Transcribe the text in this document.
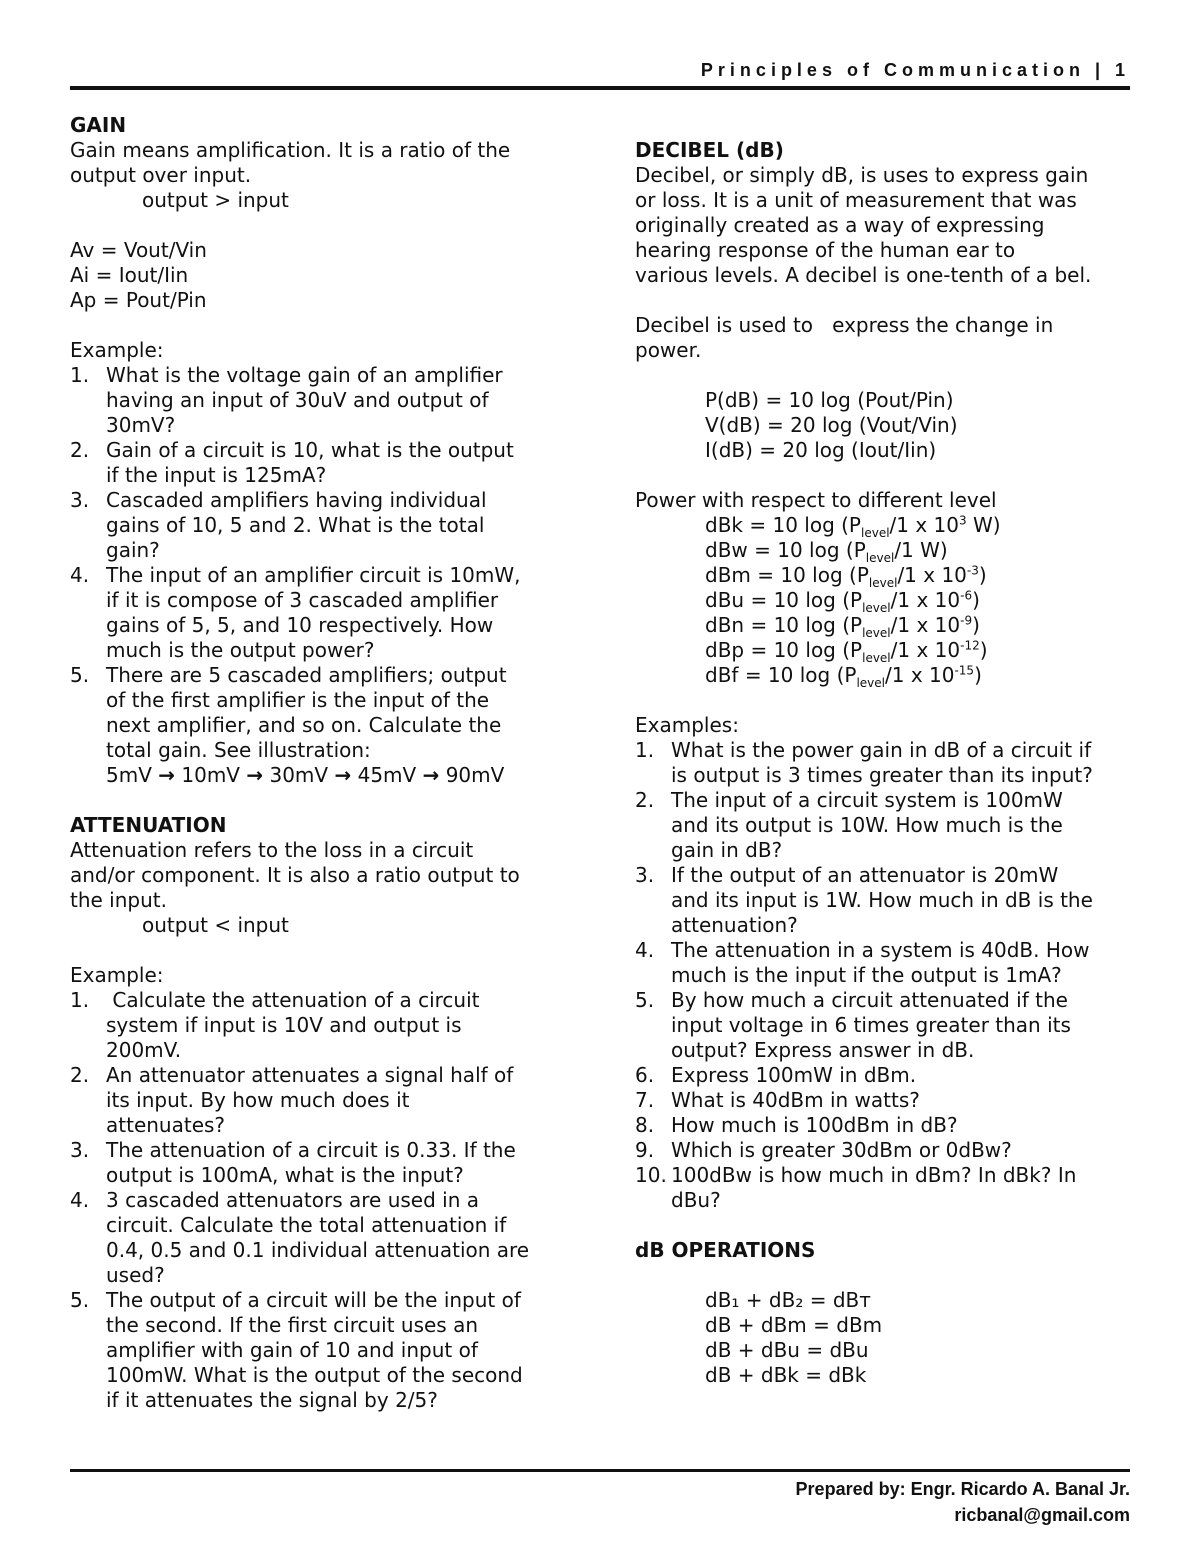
Principles of Communication | 1
GAIN
Gain means amplification. It is a ratio of the
output over input.
output > input
Av = Vout/Vin
Ai = Iout/Iin
Ap = Pout/Pin
Example:
1. What is the voltage gain of an amplifier
having an input of 30uV and output of
30mV?
2. Gain of a circuit is 10, what is the output
if the input is 125mA?
3. Cascaded amplifiers having individual
gains of 10, 5 and 2. What is the total
gain?
4. The input of an amplifier circuit is 10mW,
if it is compose of 3 cascaded amplifier
gains of 5, 5, and 10 respectively. How
much is the output power?
5. There are 5 cascaded amplifiers; output
of the first amplifier is the input of the
next amplifier, and so on. Calculate the
total gain. See illustration:
5mV → 10mV → 30mV → 45mV → 90mV
ATTENUATION
Attenuation refers to the loss in a circuit
and/or component. It is also a ratio output to
the input.
output < input
Example:
1. Calculate the attenuation of a circuit
system if input is 10V and output is
200mV.
2. An attenuator attenuates a signal half of
its input. By how much does it
attenuates?
3. The attenuation of a circuit is 0.33. If the
output is 100mA, what is the input?
4. 3 cascaded attenuators are used in a
circuit. Calculate the total attenuation if
0.4, 0.5 and 0.1 individual attenuation are
used?
5. The output of a circuit will be the input of
the second. If the first circuit uses an
amplifier with gain of 10 and input of
100mW. What is the output of the second
if it attenuates the signal by 2/5?
DECIBEL (dB)
Decibel, or simply dB, is uses to express gain
or loss. It is a unit of measurement that was
originally created as a way of expressing
hearing response of the human ear to
various levels. A decibel is one-tenth of a bel.
Decibel is used to   express the change in
power.
P(dB) = 10 log (Pout/Pin)
V(dB) = 20 log (Vout/Vin)
I(dB) = 20 log (Iout/Iin)
Power with respect to different level
dBk = 10 $\log (P_{level}/1$ x $10^3$ W)
dBw = 10 $\log (P_{level}/1$ W)
dBm = 10 $\log (P_{level}/1$ x $10^{-3}$)
dBu = 10 $\log (P_{level}/1$ x $10^{-6}$)
dBn = 10 $\log (P_{level}/1$ x $10^{-9}$)
dBp = 10 $\log (P_{level}/1$ x $10^{-12}$)
dBf = 10 $\log (P_{level}/1$ x $10^{-15}$)
Examples:
1. What is the power gain in dB of a circuit if
is output is 3 times greater than its input?
2. The input of a circuit system is 100mW
and its output is 10W. How much is the
gain in dB?
3. If the output of an attenuator is 20mW
and its input is 1W. How much in dB is the
attenuation?
4. The attenuation in a system is 40dB. How
much is the input if the output is 1mA?
5. By how much a circuit attenuated if the
input voltage in 6 times greater than its
output? Express answer in dB.
6. Express 100mW in dBm.
7. What is 40dBm in watts?
8. How much is 100dBm in dB?
9. Which is greater 30dBm or 0dBw?
10. 100dBw is how much in dBm? In dBk? In
dBu?
dB OPERATIONS
dB₁ + dB₂ = dBᴛ
dB + dBm = dBm
dB + dBu = dBu
dB + dBk = dBk
Prepared by: Engr. Ricardo A. Banal Jr.
ricbanal@gmail.com
